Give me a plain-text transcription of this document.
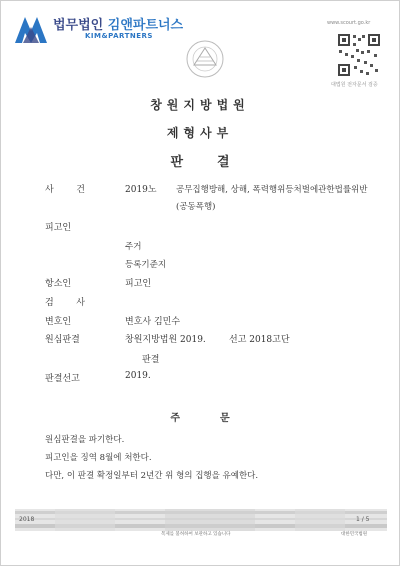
법무법인 김앤파트너스
KIM&PARTNERS
www.scourt.go.kr
대법원 전자문서 검증
창원지방법원
제형사부
판	결
사 건	2019노 공무집행방해, 상해, 폭력행위등처벌에관한법률위반
(공동폭행)
피고인
주거
등록기준지
항소인	피고인
검 사
변호인	변호사 김민수
원심판결	창원지방법원 2019.	선고 2018고단
판결
판결선고	2019.
주	문
원심판결을 파기한다.
피고인을 징역 8월에 처한다.
다만, 이 판결 확정일부터 2년간 위 형의 집행을 유예한다.
2018	1 / 5
복제를 불허하여 보관하고 있습니다	대한민국법원
